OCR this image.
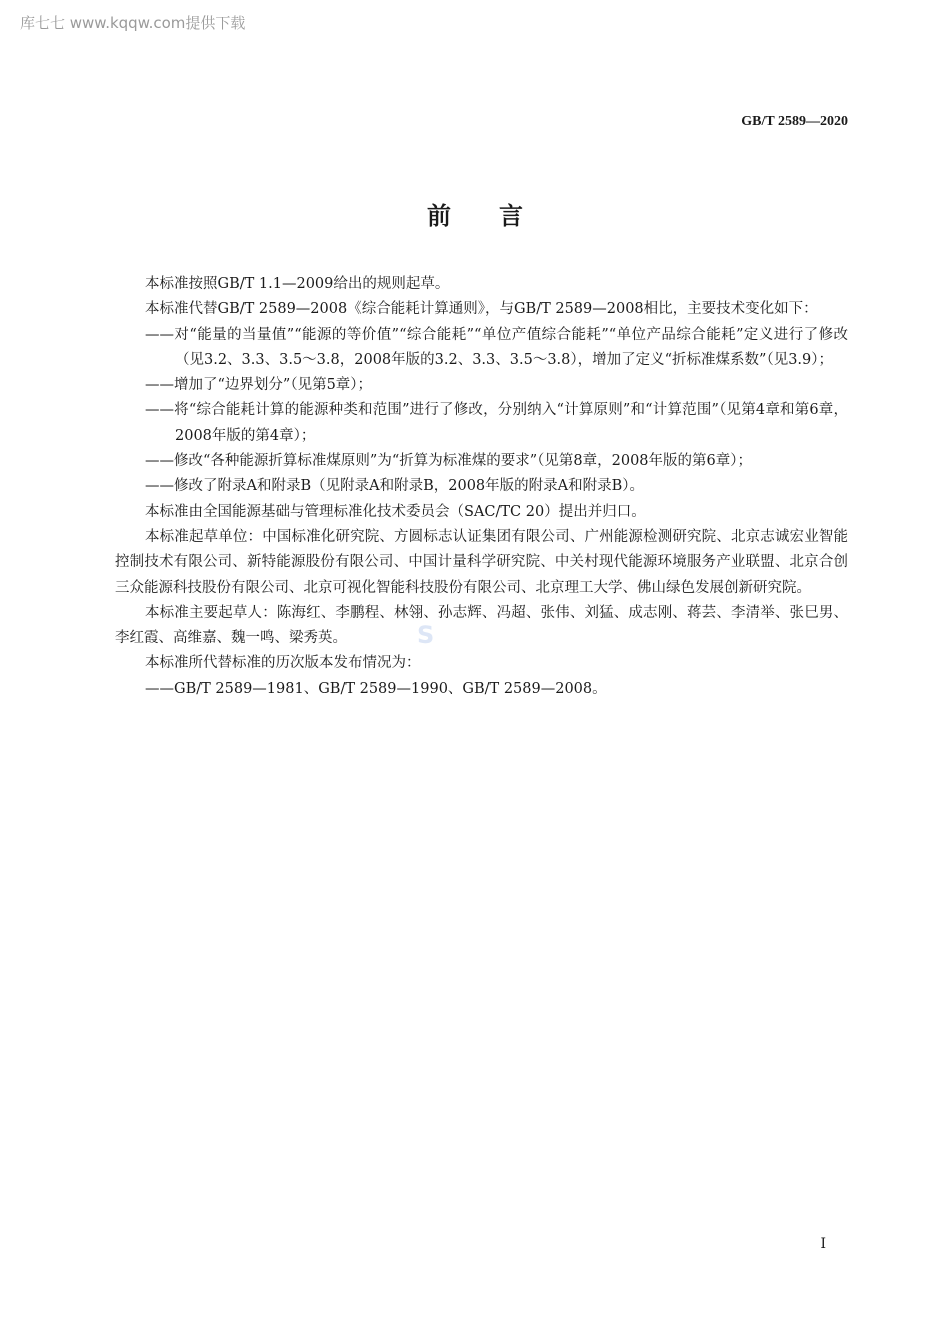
库七七 www.kqqw.com提供下载
GB/T 2589—2020
S
前言

本标准按照GB/T 1.1—2009给出的规则起草。

本标准代替GB/T 2589—2008《综合能耗计算通则》，与GB/T 2589—2008相比，主要技术变化如下：

——对“能量的当量值”“能源的等价值”“综合能耗”“单位产值综合能耗”“单位产品综合能耗”定义进行了修改（见3.2、3.3、3.5～3.8，2008年版的3.2、3.3、3.5～3.8），增加了定义“折标准煤系数”（见3.9）；

——增加了“边界划分”（见第5章）；

——将“综合能耗计算的能源种类和范围”进行了修改，分别纳入“计算原则”和“计算范围”（见第4章和第6章，2008年版的第4章）；

——修改“各种能源折算标准煤原则”为“折算为标准煤的要求”（见第8章，2008年版的第6章）；

——修改了附录A和附录B（见附录A和附录B，2008年版的附录A和附录B）。

本标准由全国能源基础与管理标准化技术委员会（SAC/TC 20）提出并归口。

本标准起草单位：中国标准化研究院、方圆标志认证集团有限公司、广州能源检测研究院、北京志诚宏业智能控制技术有限公司、新特能源股份有限公司、中国计量科学研究院、中关村现代能源环境服务产业联盟、北京合创三众能源科技股份有限公司、北京可视化智能科技股份有限公司、北京理工大学、佛山绿色发展创新研究院。

本标准主要起草人：陈海红、李鹏程、林翎、孙志辉、冯超、张伟、刘猛、成志刚、蒋芸、李清举、张巳男、李红霞、高维嘉、魏一鸣、梁秀英。

本标准所代替标准的历次版本发布情况为：

——GB/T 2589—1981、GB/T 2589—1990、GB/T 2589—2008。

I
